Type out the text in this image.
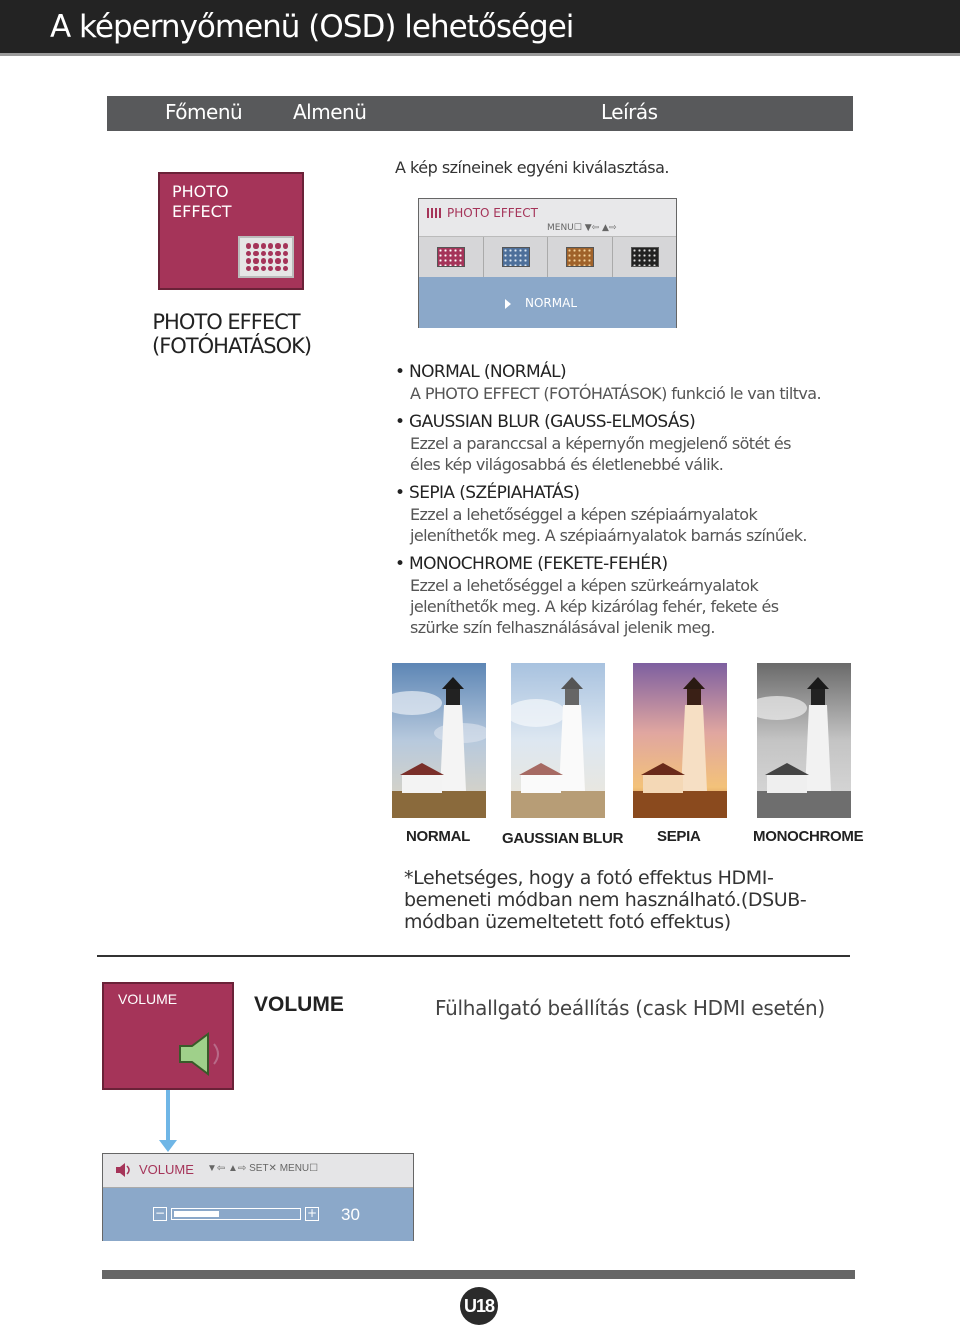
A képernyőmenü (OSD) lehetőségei
Főmenü	Almenü	Leírás
PHOTO
EFFECT
PHOTO EFFECT
(FOTÓHATÁSOK)
A kép színeinek egyéni kiválasztása.
PHOTO EFFECT
MENU☐ ▼⇦ ▲⇨
NORMAL
• NORMAL (NORMÁL)
A PHOTO EFFECT (FOTÓHATÁSOK) funkció le van tiltva.
• GAUSSIAN BLUR (GAUSS-ELMOSÁS)
Ezzel a paranccsal a képernyőn megjelenő sötét és éles kép világosabbá és életlenebbé válik.
• SEPIA (SZÉPIAHATÁS)
Ezzel a lehetőséggel a képen szépiaárnyalatok jeleníthetők meg. A szépiaárnyalatok barnás színűek.
• MONOCHROME (FEKETE-FEHÉR)
Ezzel a lehetőséggel a képen szürkeárnyalatok jeleníthetők meg. A kép kizárólag fehér, fekete és szürke szín felhasználásával jelenik meg.
NORMAL GAUSSIAN BLUR SEPIA	MONOCHROME
*Lehetséges, hogy a fotó effektus HDMI-bemeneti módban nem használható.(DSUB-módban üzemeltetett fotó effektus)
VOLUME	VOLUME	Fülhallgató beállítás (cask HDMI esetén)
VOLUME ▼⇦ ▲⇨ SET✕ MENU☐
−	+ 30
U18
